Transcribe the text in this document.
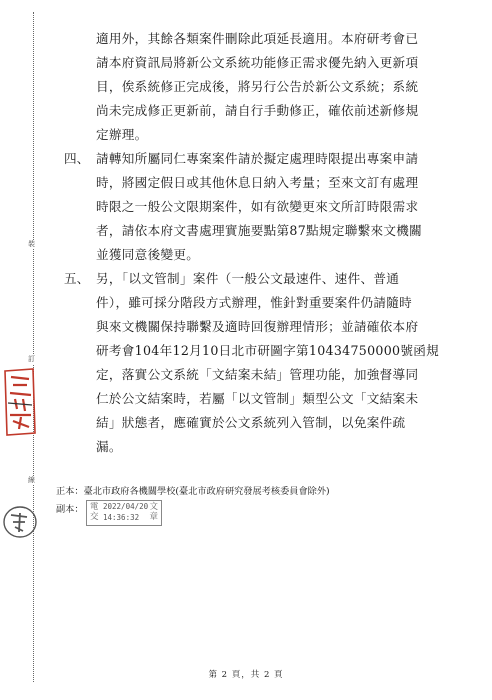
裝
訂
線
適用外，其餘各類案件刪除此項延長適用。本府研考會已
請本府資訊局將新公文系統功能修正需求優先納入更新項
目，俟系統修正完成後，將另行公告於新公文系統；系統
尚未完成修正更新前，請自行手動修正，確依前述新修規
定辦理。
四、 請轉知所屬同仁專案案件請於擬定處理時限提出專案申請
時，將國定假日或其他休息日納入考量；至來文訂有處理
時限之一般公文限期案件，如有欲變更來文所訂時限需求
者，請依本府文書處理實施要點第87點規定聯繫來文機關
並獲同意後變更。
五、 另，「以文管制」案件（一般公文最速件、速件、普通
件），雖可採分階段方式辦理，惟針對重要案件仍請隨時
與來文機關保持聯繫及適時回復辦理情形；並請確依本府
研考會104年12月10日北市研圖字第10434750000號函規
定，落實公文系統「文結案未結」管理功能，加強督導同
仁於公文結案時，若屬「以文管制」類型公文「文結案未
結」狀態者，應確實於公文系統列入管制，以免案件疏
漏。
正本：臺北市政府各機關學校(臺北市政府研究發展考核委員會除外)
副本： 電
交
文
章
2022/04/20
14:36:32
第 2 頁，共 2 頁
